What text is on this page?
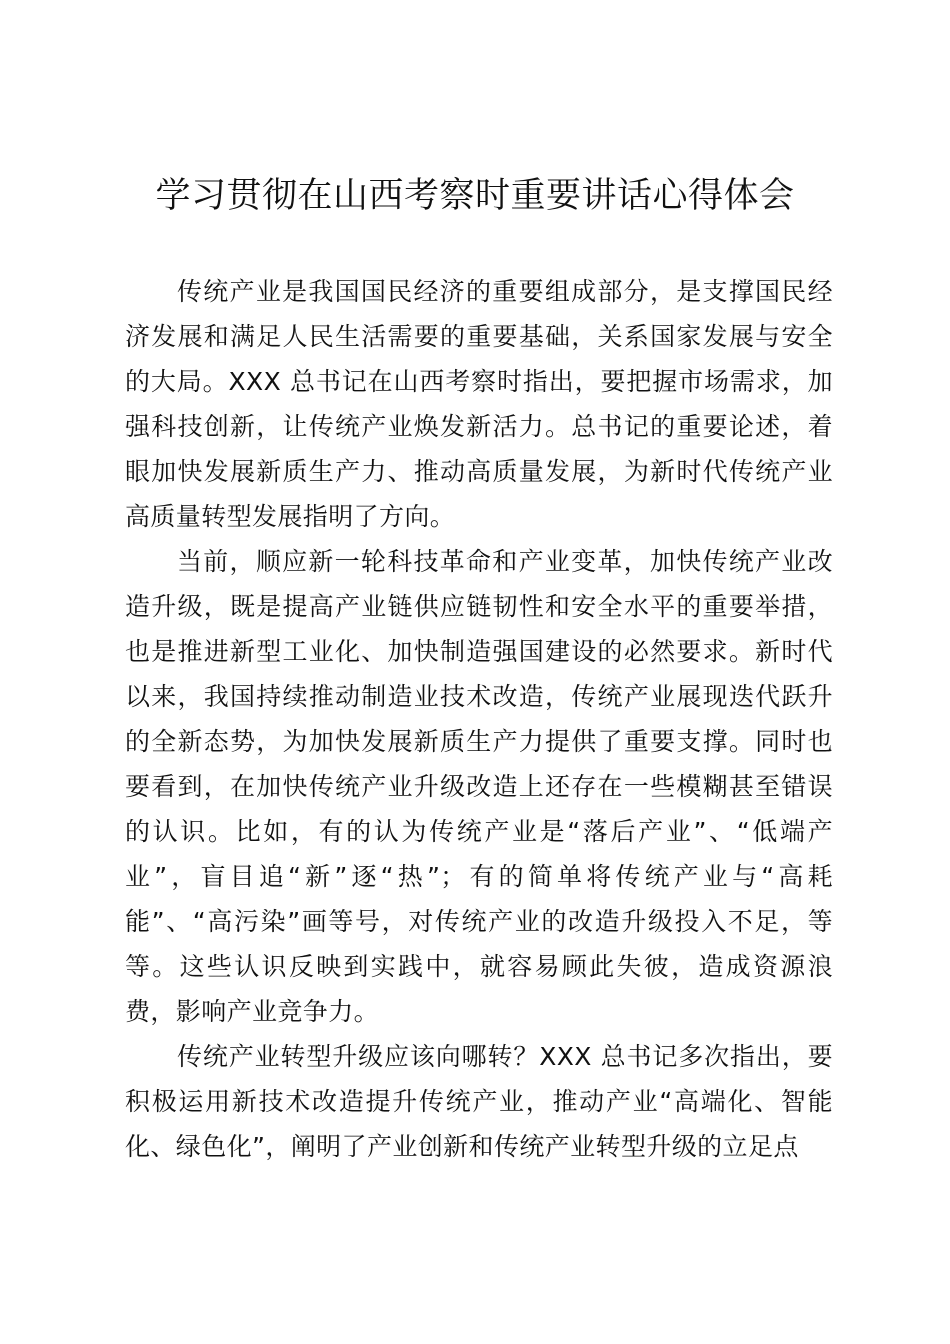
学习贯彻在山西考察时重要讲话心得体会

传统产业是我国国民经济的重要组成部分，是支撑国民经济发展和满足人民生活需要的重要基础，关系国家发展与安全的大局。XXX 总书记在山西考察时指出，要把握市场需求，加强科技创新，让传统产业焕发新活力。总书记的重要论述，着眼加快发展新质生产力、推动高质量发展，为新时代传统产业高质量转型发展指明了方向。

当前，顺应新一轮科技革命和产业变革，加快传统产业改造升级，既是提高产业链供应链韧性和安全水平的重要举措，也是推进新型工业化、加快制造强国建设的必然要求。新时代以来，我国持续推动制造业技术改造，传统产业展现迭代跃升的全新态势，为加快发展新质生产力提供了重要支撑。同时也要看到，在加快传统产业升级改造上还存在一些模糊甚至错误的认识。比如，有的认为传统产业是“落后产业”、“低端产业”，盲目追“新”逐“热”；有的简单将传统产业与“高耗能”、“高污染”画等号，对传统产业的改造升级投入不足，等等。这些认识反映到实践中，就容易顾此失彼，造成资源浪费，影响产业竞争力。

传统产业转型升级应该向哪转？XXX 总书记多次指出，要积极运用新技术改造提升传统产业，推动产业“高端化、智能化、绿色化”，阐明了产业创新和传统产业转型升级的立足点
